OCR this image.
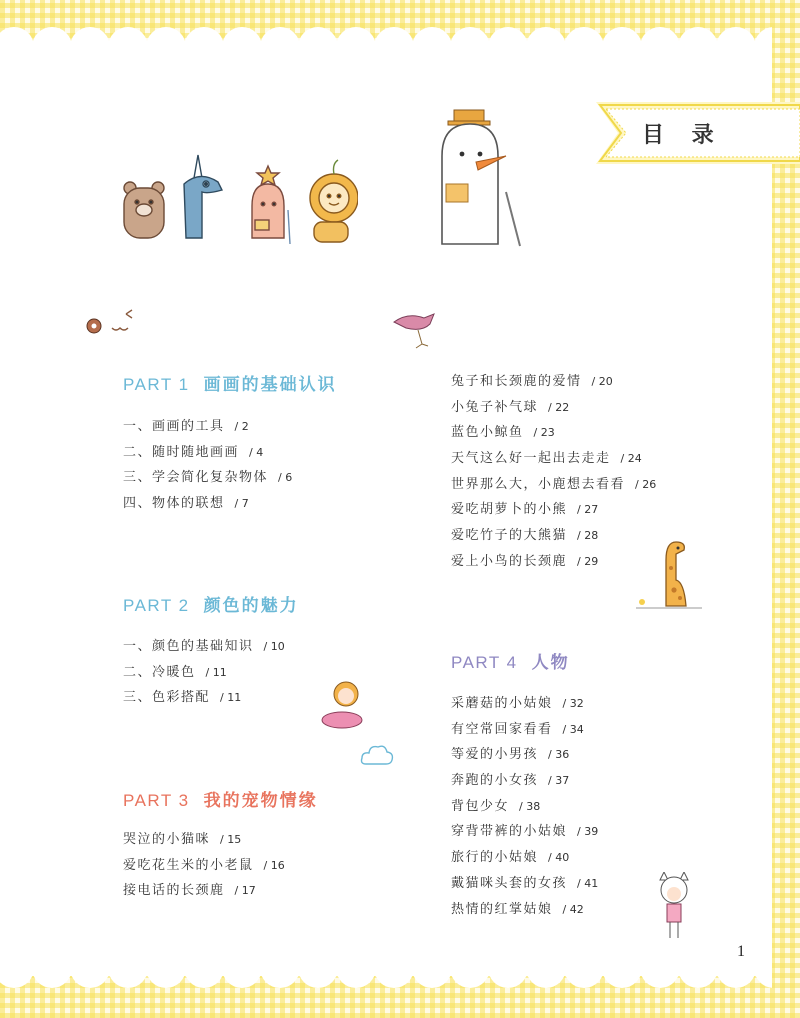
目 录
PART 1 画画的基础认识
一、画画的工具 / 2
二、随时随地画画 / 4
三、学会简化复杂物体 / 6
四、物体的联想 / 7
PART 2 颜色的魅力
一、颜色的基础知识 / 10
二、冷暖色 / 11
三、色彩搭配 / 11
PART 3 我的宠物情缘
哭泣的小猫咪 / 15
爱吃花生米的小老鼠 / 16
接电话的长颈鹿 / 17
兔子和长颈鹿的爱情 / 20
小兔子补气球 / 22
蓝色小鲸鱼 / 23
天气这么好一起出去走走 / 24
世界那么大，小鹿想去看看 / 26
爱吃胡萝卜的小熊 / 27
爱吃竹子的大熊猫 / 28
爱上小鸟的长颈鹿 / 29
PART 4 人物
采蘑菇的小姑娘 / 32
有空常回家看看 / 34
等爱的小男孩 / 36
奔跑的小女孩 / 37
背包少女 / 38
穿背带裤的小姑娘 / 39
旅行的小姑娘 / 40
戴猫咪头套的女孩 / 41
热情的红掌姑娘 / 42
1
